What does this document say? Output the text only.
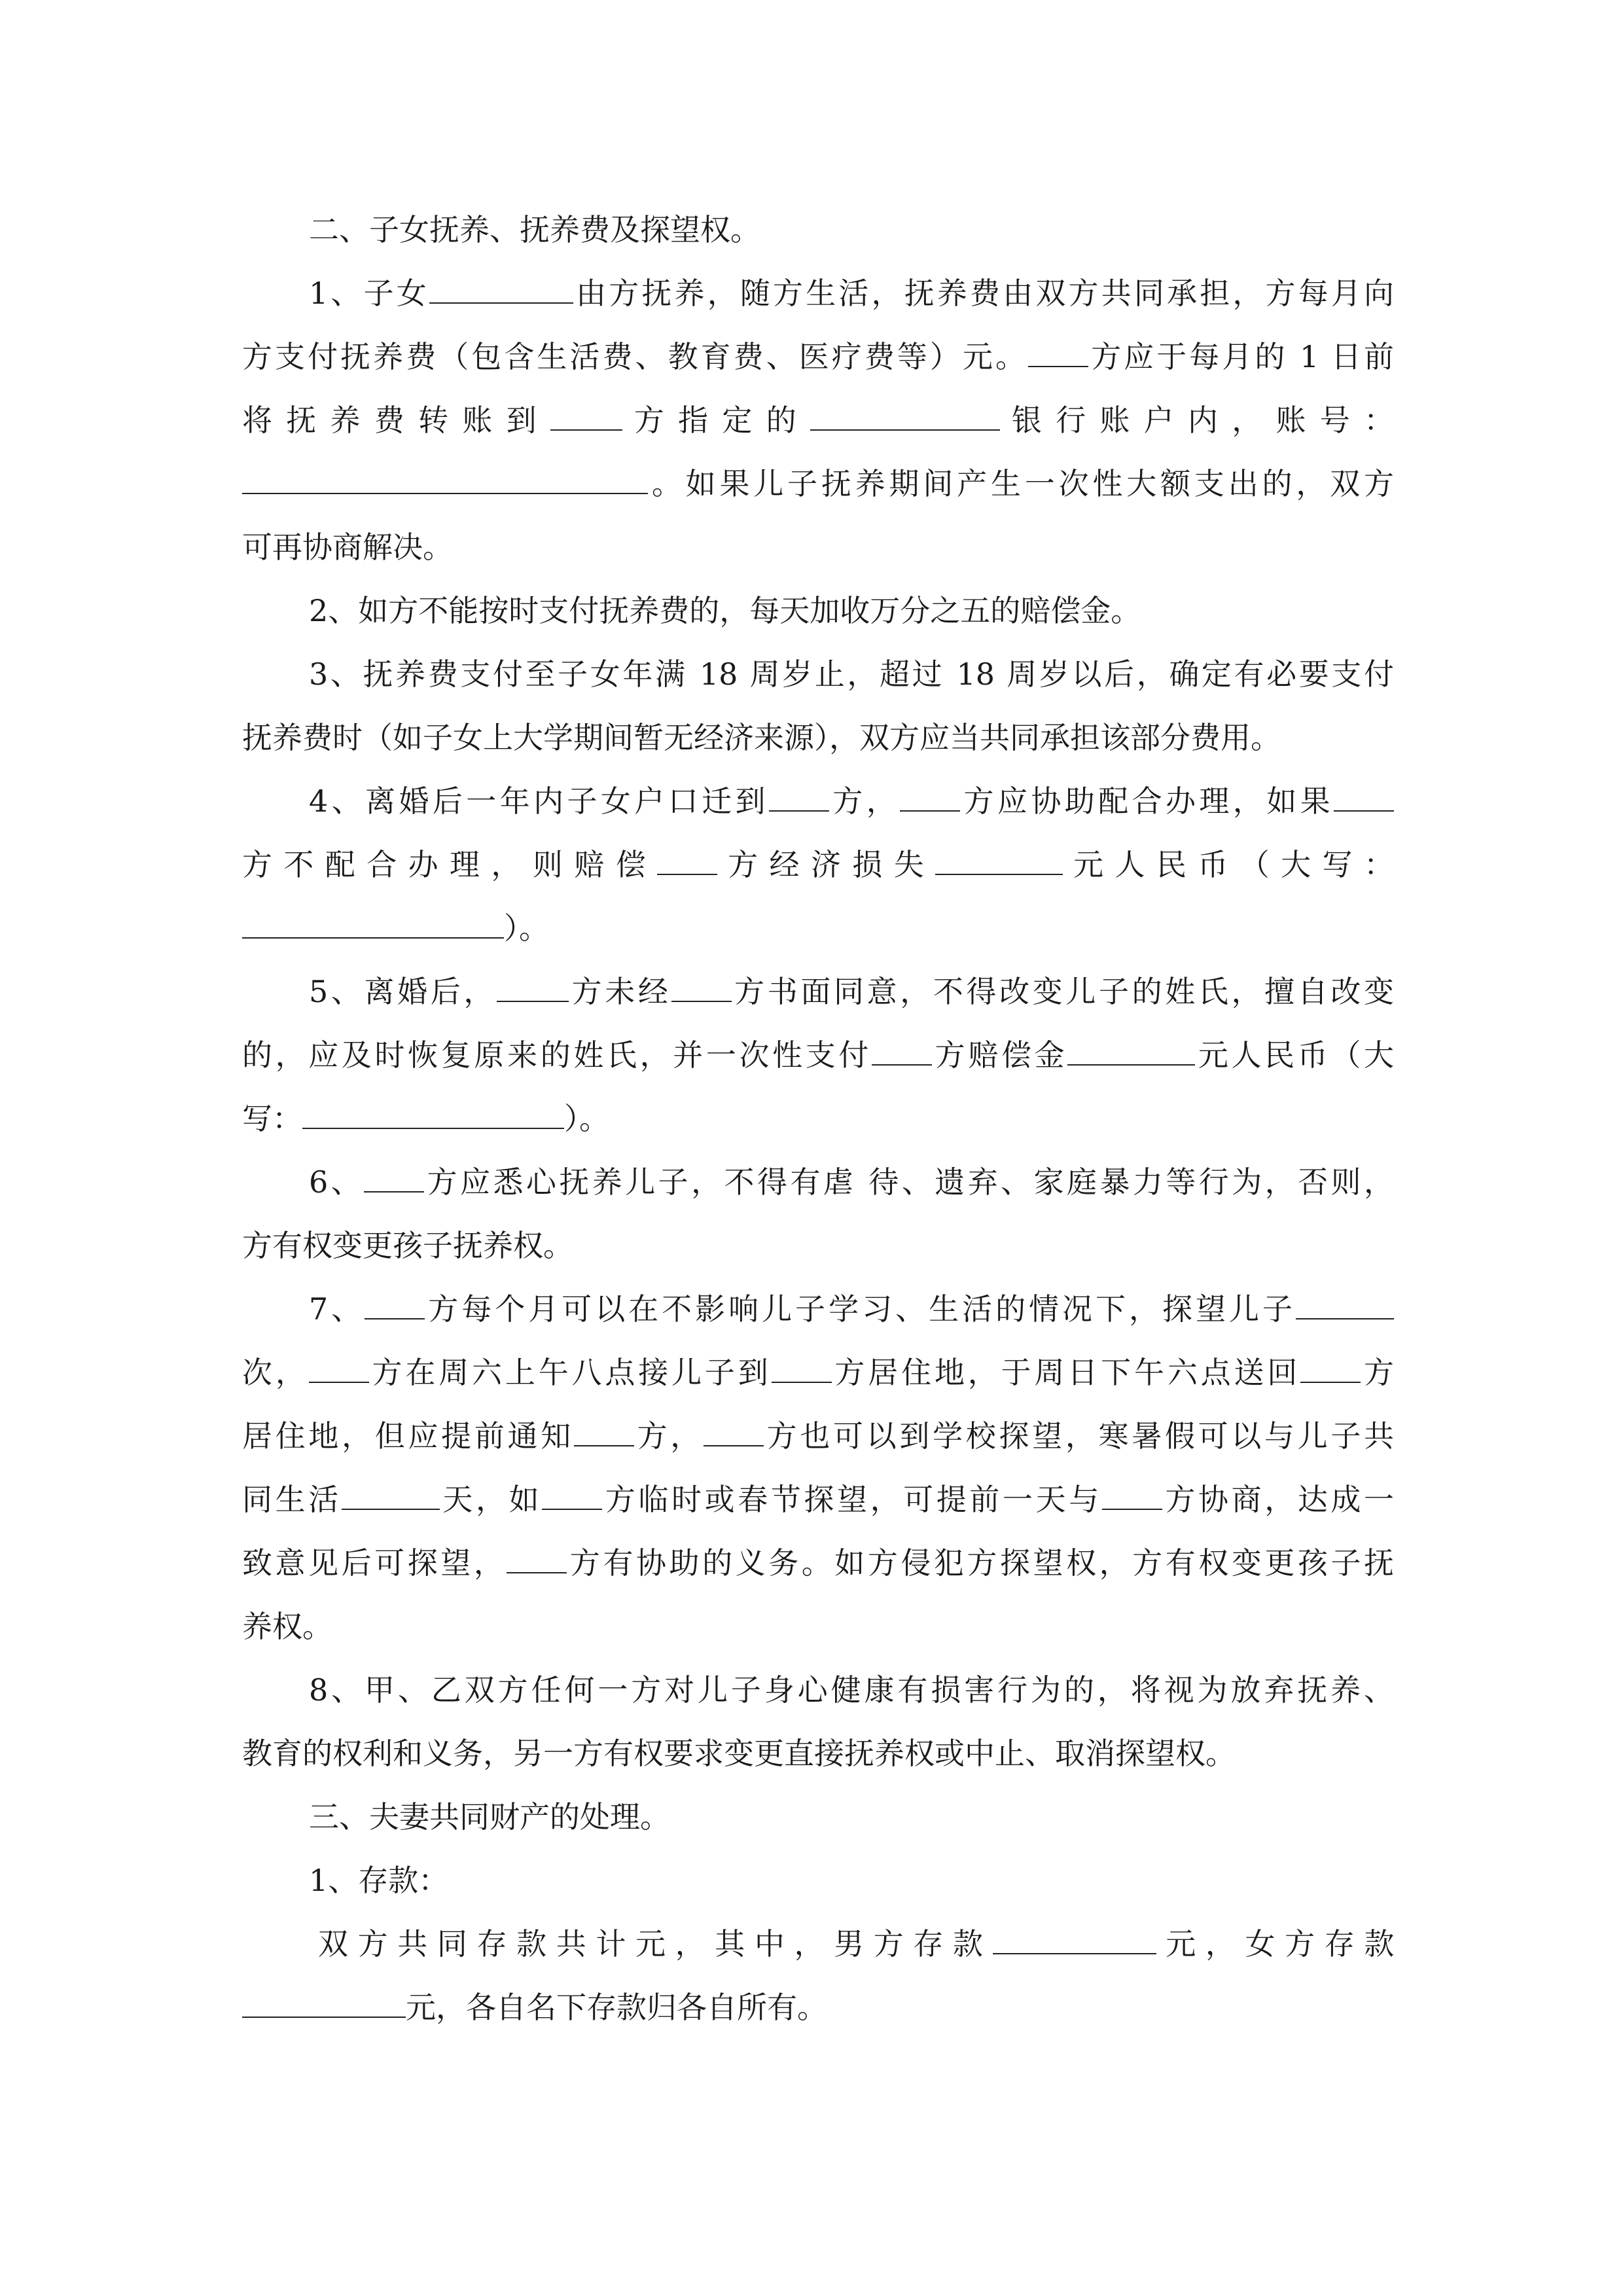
二、子女抚养、抚养费及探望权。

1、子女	由方抚养，随方生活，抚养费由双方共同承担，方每月向
方支付抚养费（包含生活费、教育费、医疗费等）元。 方应于每月的 1 日前
将 抚 养 费 转 账 到	方 指 定 的	银 行 账 户 内 ， 账 号 ：
。如果儿子抚养期间产生一次性大额支出的，双方
可再协商解决。

2、如方不能按时支付抚养费的，每天加收万分之五的赔偿金。

3、抚养费支付至子女年满 18 周岁止，超过 18 周岁以后，确定有必要支付
抚养费时（如子女上大学期间暂无经济来源），双方应当共同承担该部分费用。
4、离婚后一年内子女户口迁到 方， 方应协助配合办理，如果
方 不 配 合 办 理 ， 则 赔 偿	方 经 济 损 失	元 人 民 币 （ 大 写 ：
）。
5、离婚后， 方未经 方书面同意，不得改变儿子的姓氏，擅自改变
的，应及时恢复原来的姓氏，并一次性支付 方赔偿金	元人民币（大
写：	）。
6、 方应悉心抚养儿子，不得有虐 待、遗弃、家庭暴力等行为，否则，
方有权变更孩子抚养权。
7、 方每个月可以在不影响儿子学习、生活的情况下，探望儿子
次， 方在周六上午八点接儿子到 方居住地，于周日下午六点送回 方
居住地，但应提前通知 方， 方也可以到学校探望，寒暑假可以与儿子共
同生活	天，如 方临时或春节探望，可提前一天与 方协商，达成一
致意见后可探望， 方有协助的义务。如方侵犯方探望权，方有权变更孩子抚
养权。
8、甲、乙双方任何一方对儿子身心健康有损害行为的，将视为放弃抚养、
教育的权利和义务，另一方有权要求变更直接抚养权或中止、取消探望权。

三、夫妻共同财产的处理。

1、存款：

双 方 共 同 存 款 共 计 元 ， 其 中 ， 男 方 存 款	元 ， 女 方 存 款
元，各自名下存款归各自所有。
